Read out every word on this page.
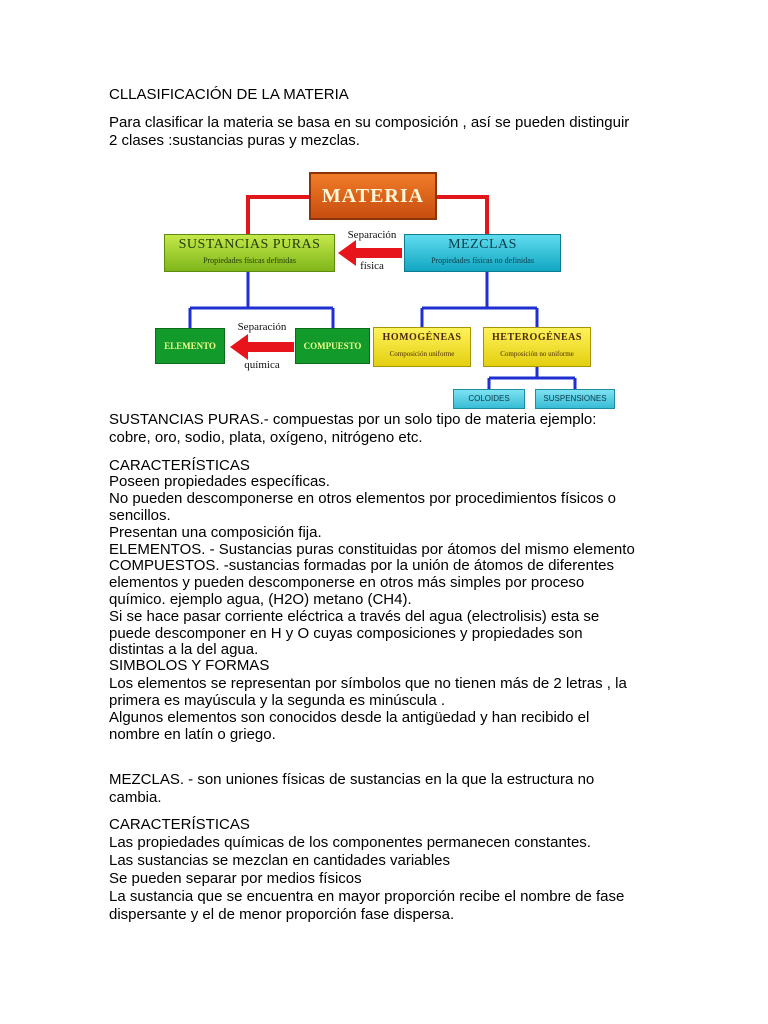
CLLASIFICACIÓN DE LA MATERIA
Para clasificar la materia se basa en su composición , así se pueden distinguir
2 clases :sustancias puras y mezclas.
MATERIA
SUSTANCIAS PURAS
Propiedades físicas definidas
MEZCLAS
Propiedades físicas no definidas
Separación
física
ELEMENTO	COMPUESTO
Separación
química
HOMOGÉNEAS
Composición uniforme
HETEROGÉNEAS
Composición no uniforme
COLOIDES	SUSPENSIONES
SUSTANCIAS PURAS.- compuestas por un solo tipo de materia ejemplo:
cobre, oro, sodio, plata, oxígeno, nitrógeno etc.
CARACTERÍSTICAS
Poseen propiedades específicas.
No pueden descomponerse en otros elementos por procedimientos físicos o
sencillos.
Presentan una composición fija.
ELEMENTOS. - Sustancias puras constituidas por átomos del mismo elemento
COMPUESTOS. -sustancias formadas por la unión de átomos de diferentes
elementos y pueden descomponerse en otros más simples por proceso
químico. ejemplo agua, (H2O) metano (CH4).
Si se hace pasar corriente eléctrica a través del agua (electrolisis) esta se
puede descomponer en H y O cuyas composiciones y propiedades son
distintas a la del agua.
SIMBOLOS Y FORMAS
Los elementos se representan por símbolos que no tienen más de 2 letras , la
primera es mayúscula y la segunda es minúscula .
Algunos elementos son conocidos desde la antigüedad y han recibido el
nombre en latín o griego.
MEZCLAS. - son uniones físicas de sustancias en la que la estructura no
cambia.
CARACTERÍSTICAS
Las propiedades químicas de los componentes permanecen constantes.
Las sustancias se mezclan en cantidades variables
Se pueden separar por medios físicos
La sustancia que se encuentra en mayor proporción recibe el nombre de fase
dispersante y el de menor proporción fase dispersa.
